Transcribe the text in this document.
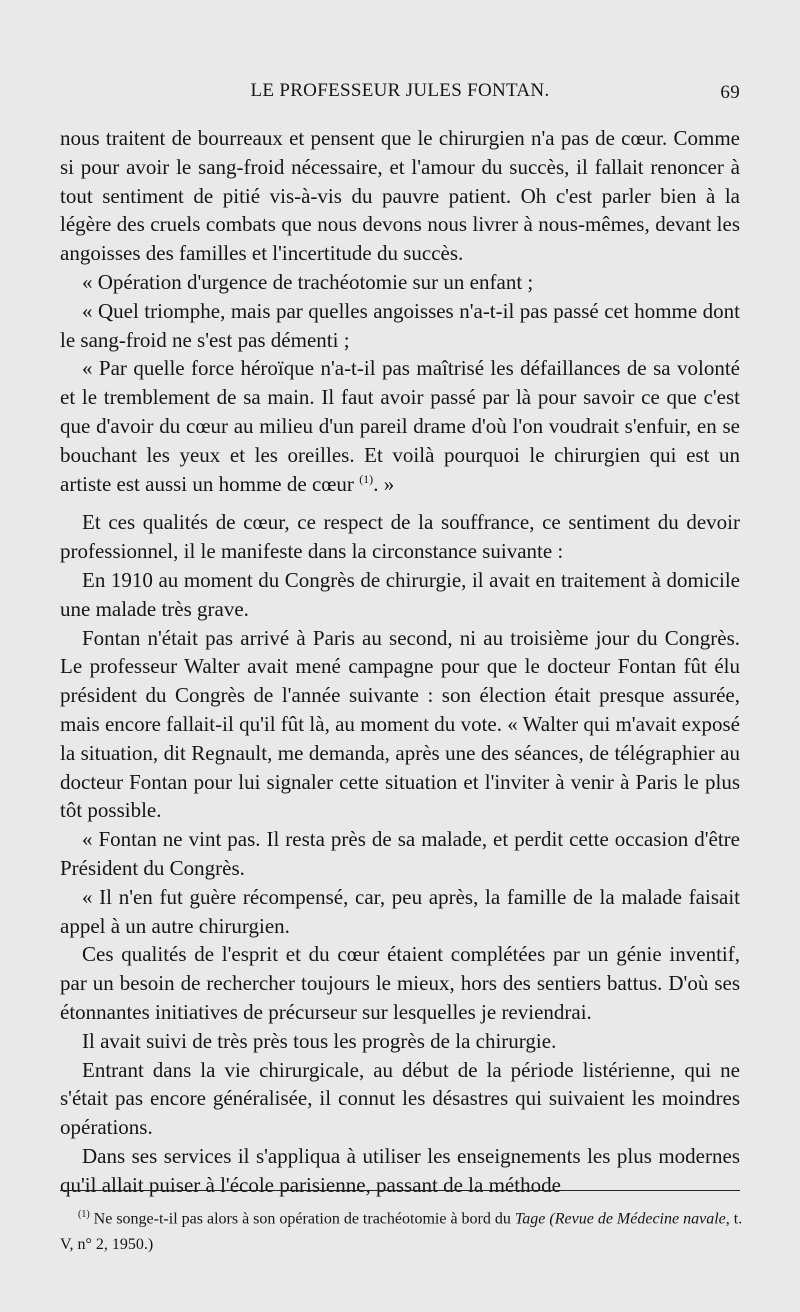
LE PROFESSEUR JULES FONTAN.	69

nous traitent de bourreaux et pensent que le chirurgien n'a pas de cœur. Comme si pour avoir le sang-froid nécessaire, et l'amour du succès, il fallait renoncer à tout sentiment de pitié vis-à-vis du pauvre patient. Oh c'est parler bien à la légère des cruels combats que nous devons nous livrer à nous-mêmes, devant les angoisses des familles et l'incertitude du succès.

« Opération d'urgence de trachéotomie sur un enfant ;

« Quel triomphe, mais par quelles angoisses n'a-t-il pas passé cet homme dont le sang-froid ne s'est pas démenti ;

« Par quelle force héroïque n'a-t-il pas maîtrisé les défaillances de sa volonté et le tremblement de sa main. Il faut avoir passé par là pour savoir ce que c'est que d'avoir du cœur au milieu d'un pareil drame d'où l'on voudrait s'enfuir, en se bouchant les yeux et les oreilles. Et voilà pourquoi le chirurgien qui est un artiste est aussi un homme de cœur $^{(1)}$. »

Et ces qualités de cœur, ce respect de la souffrance, ce sentiment du devoir professionnel, il le manifeste dans la circonstance suivante :

En 1910 au moment du Congrès de chirurgie, il avait en traitement à domicile une malade très grave.

Fontan n'était pas arrivé à Paris au second, ni au troisième jour du Congrès. Le professeur Walter avait mené campagne pour que le docteur Fontan fût élu président du Congrès de l'année suivante : son élection était presque assurée, mais encore fallait-il qu'il fût là, au moment du vote. « Walter qui m'avait exposé la situation, dit Regnault, me demanda, après une des séances, de télégraphier au docteur Fontan pour lui signaler cette situation et l'inviter à venir à Paris le plus tôt possible.

« Fontan ne vint pas. Il resta près de sa malade, et perdit cette occasion d'être Président du Congrès.

« Il n'en fut guère récompensé, car, peu après, la famille de la malade faisait appel à un autre chirurgien.

Ces qualités de l'esprit et du cœur étaient complétées par un génie inventif, par un besoin de rechercher toujours le mieux, hors des sentiers battus. D'où ses étonnantes initiatives de précurseur sur lesquelles je reviendrai.

Il avait suivi de très près tous les progrès de la chirurgie.

Entrant dans la vie chirurgicale, au début de la période listérienne, qui ne s'était pas encore généralisée, il connut les désastres qui suivaient les moindres opérations.

Dans ses services il s'appliqua à utiliser les enseignements les plus modernes qu'il allait puiser à l'école parisienne, passant de la méthode

$^{(1)}$ Ne songe-t-il pas alors à son opération de trachéotomie à bord du Tage (Revue de Médecine navale, t. V, n° 2, 1950.)
